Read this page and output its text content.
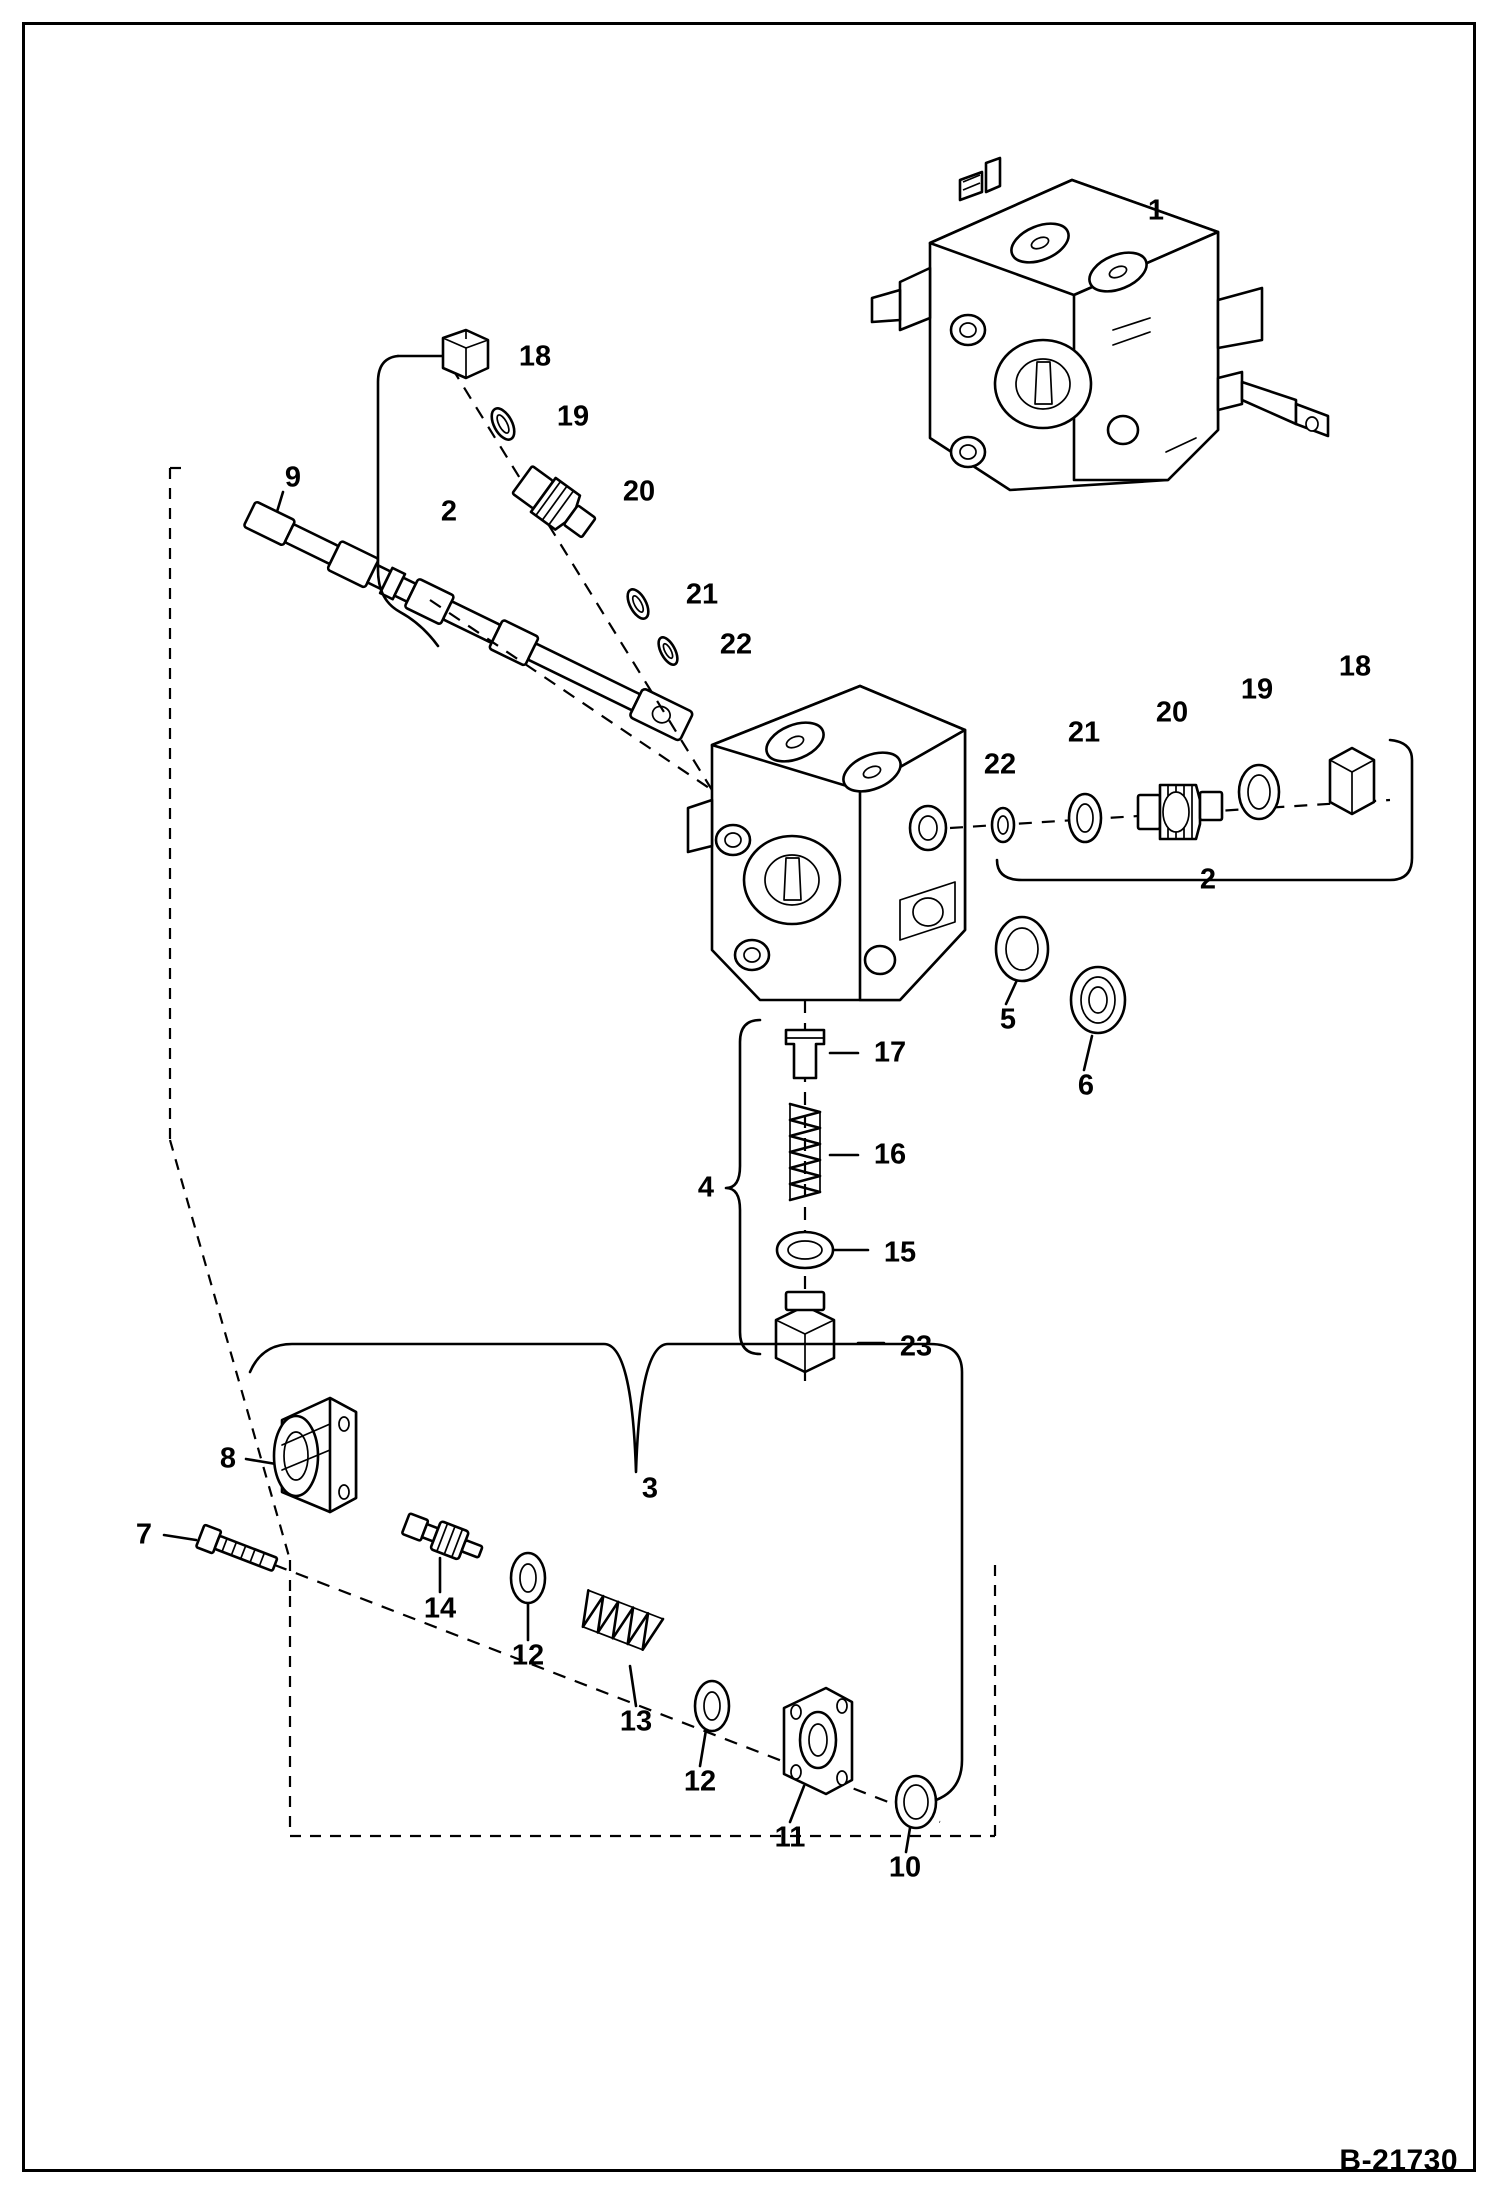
1
2
18
19
20
21
22
9
22
21
20
19
18
2
5
6
17
16
15
23
4
8
7
14
12
13
12
11
10
3
B-21730
